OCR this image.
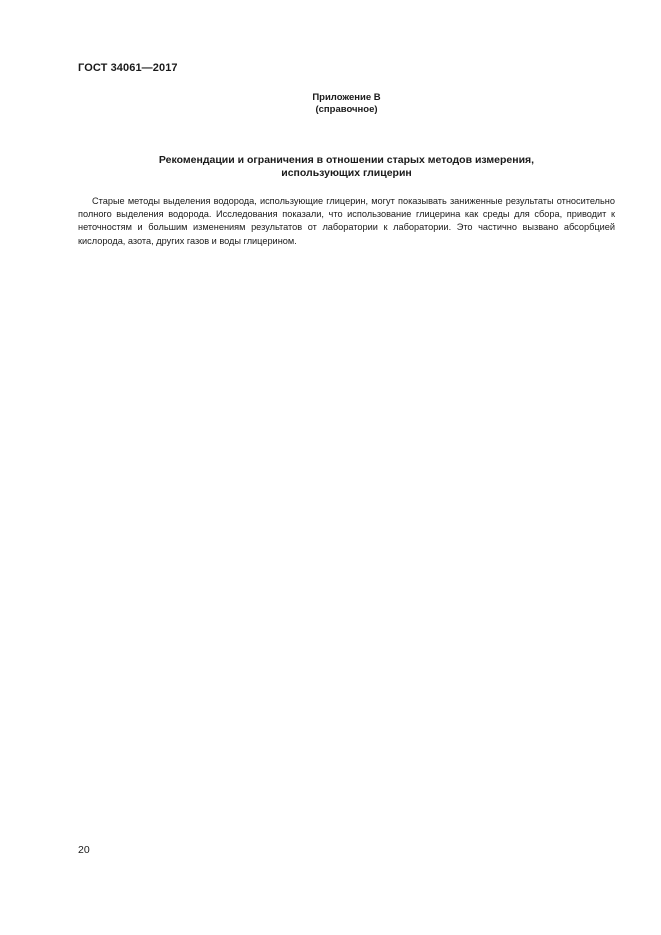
ГОСТ 34061—2017
Приложение В
(справочное)
Рекомендации и ограничения в отношении старых методов измерения,
использующих глицерин

Старые методы выделения водорода, использующие глицерин, могут показывать заниженные результаты относительно полного выделения водорода. Исследования показали, что использование глицерина как среды для сбора, приводит к неточностям и большим изменениям результатов от лаборатории к лаборатории. Это частично вызвано абсорбцией кислорода, азота, других газов и воды глицерином.

20
